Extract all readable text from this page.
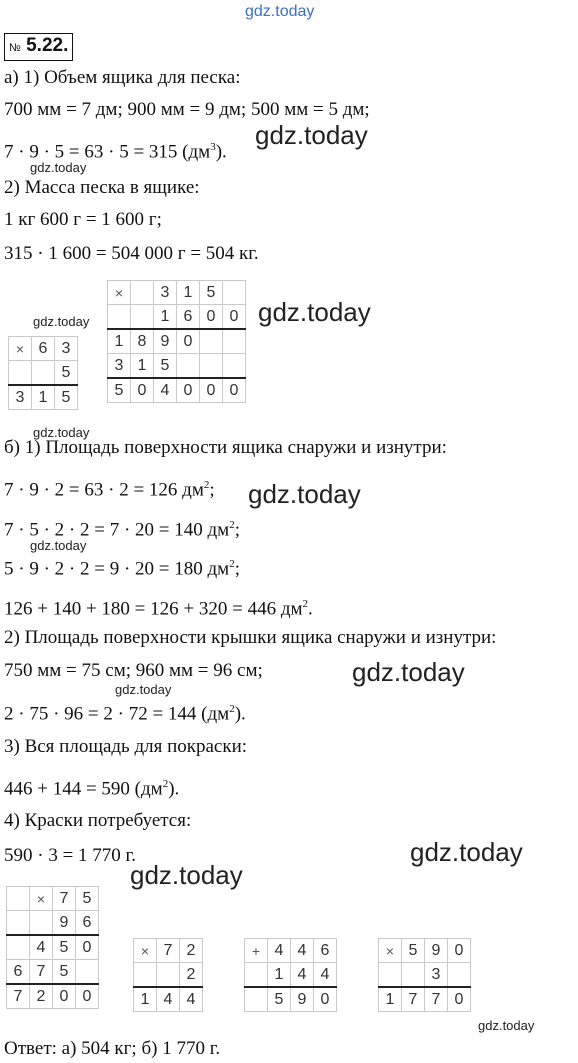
gdz.today
gdz.today
gdz.today
gdz.today
gdz.today
gdz.today
gdz.today
gdz.today
gdz.today
gdz.today
gdz.today
gdz.today
gdz.today
№ 5.22.
а) 1) Объем ящика для песка:
700 мм = 7 дм; 900 мм = 9 дм; 500 мм = 5 дм;
7 · 9 · 5 = 63 · 5 = 315 $(дм^3)$.
2) Масса песка в ящике:
1 кг 600 г = 1 600 г;
315 · 1 600 = 504 000 г = 504 кг.
×	6	3
		5
3	1	5
×		3	1	5	
		1	6	0	0
1	8	9	0		
3	1	5			
5	0	4	0	0	0
б) 1) Площадь поверхности ящика снаружи и изнутри:
7 · 9 · 2 = 63 · 2 = 126 $дм^2$;
7 · 5 · 2 · 2 = 7 · 20 = 140 $дм^2$;
5 · 9 · 2 · 2 = 9 · 20 = 180 $дм^2$;
126 + 140 + 180 = 126 + 320 = 446 $дм^2$.
2) Площадь поверхности крышки ящика снаружи и изнутри:
750 мм = 75 см; 960 мм = 96 см;
2 · 75 · 96 = 2 · 72 = 144 $(дм^2)$.
3) Вся площадь для покраски:
446 + 144 = 590 $(дм^2)$.
4) Краски потребуется:
590 · 3 = 1 770 г.
	×	7	5
		9	6
	4	5	0
6	7	5	
7	2	0	0
×	7	2
		2
1	4	4
+	4	4	6
	1	4	4
	5	9	0
×	5	9	0
		3	
1	7	7	0
Ответ: а) 504 кг; б) 1 770 г.
